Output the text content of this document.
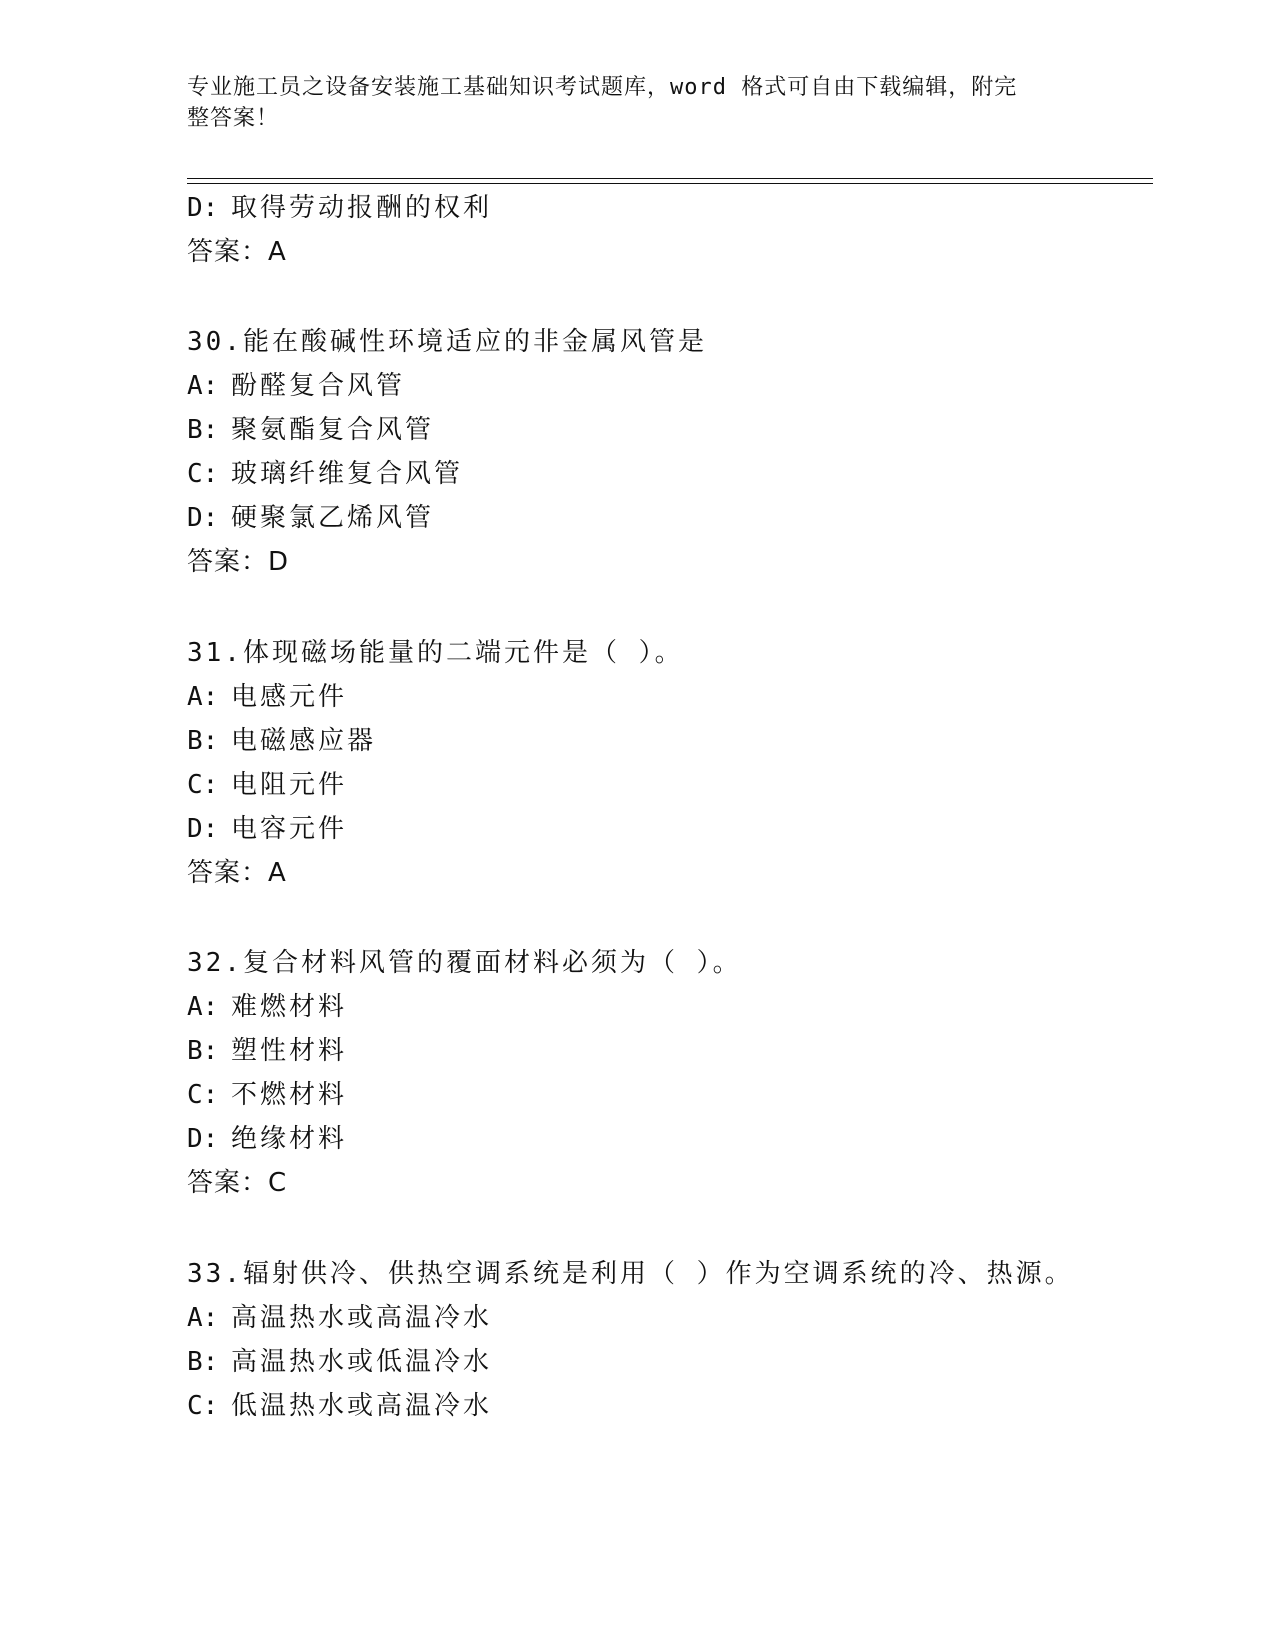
专业施工员之设备安装施工基础知识考试题库，word 格式可自由下载编辑，附完
整答案！
D: 取得劳动报酬的权利
答案：A
30.能在酸碱性环境适应的非金属风管是
A: 酚醛复合风管
B: 聚氨酯复合风管
C: 玻璃纤维复合风管
D: 硬聚氯乙烯风管
答案：D
31.体现磁场能量的二端元件是（ ）。
A: 电感元件
B: 电磁感应器
C: 电阻元件
D: 电容元件
答案：A
32.复合材料风管的覆面材料必须为（ ）。
A: 难燃材料
B: 塑性材料
C: 不燃材料
D: 绝缘材料
答案：C
33.辐射供冷、供热空调系统是利用（ ）作为空调系统的冷、热源。
A: 高温热水或高温冷水
B: 高温热水或低温冷水
C: 低温热水或高温冷水
